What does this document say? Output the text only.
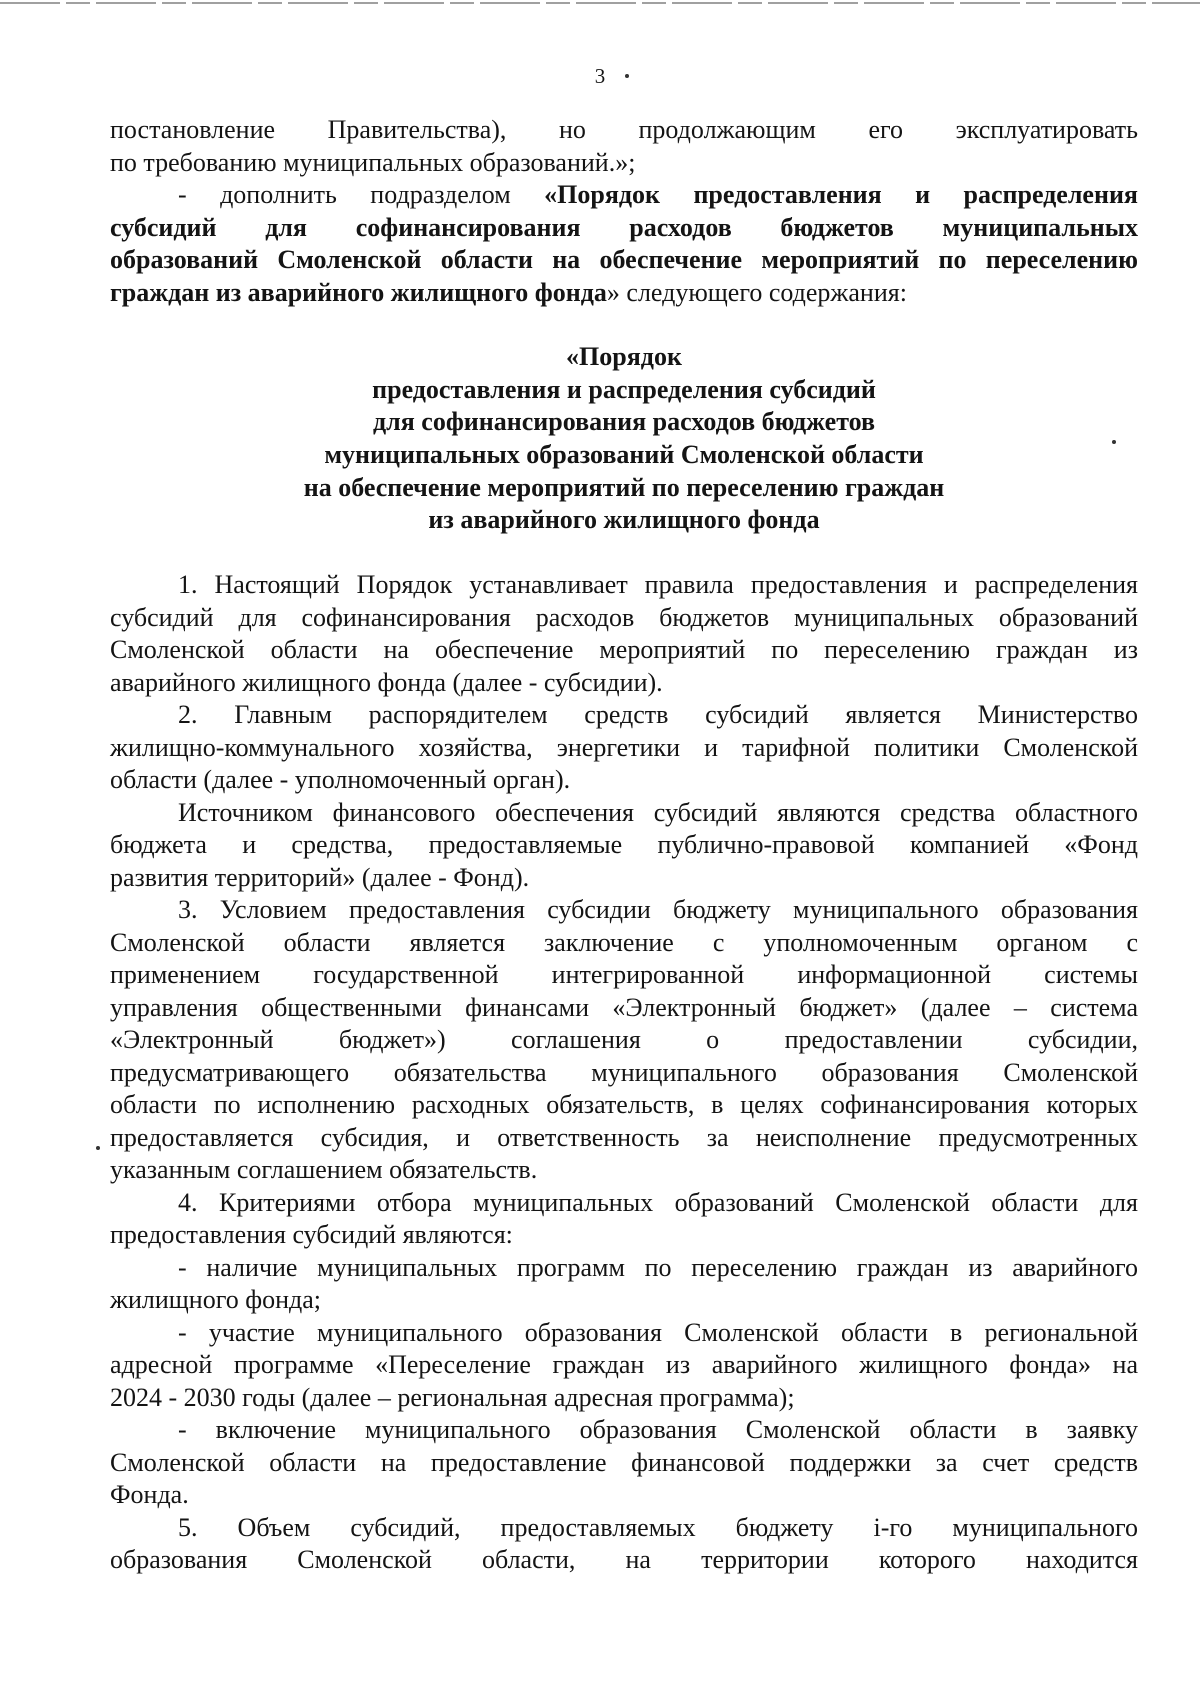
3
постановление Правительства), но продолжающим его эксплуатировать
по требованию муниципальных образований.»;
- дополнить подразделом «Порядок предоставления и распределения
субсидий для софинансирования расходов бюджетов муниципальных
образований Смоленской области на обеспечение мероприятий по переселению
граждан из аварийного жилищного фонда» следующего содержания:
«Порядок
предоставления и распределения субсидий
для софинансирования расходов бюджетов
муниципальных образований Смоленской области
на обеспечение мероприятий по переселению граждан
из аварийного жилищного фонда
1. Настоящий Порядок устанавливает правила предоставления и распределения
субсидий для софинансирования расходов бюджетов муниципальных образований
Смоленской области на обеспечение мероприятий по переселению граждан из
аварийного жилищного фонда (далее - субсидии).
2. Главным распорядителем средств субсидий является Министерство
жилищно-коммунального хозяйства, энергетики и тарифной политики Смоленской
области (далее - уполномоченный орган).
Источником финансового обеспечения субсидий являются средства областного
бюджета и средства, предоставляемые публично-правовой компанией «Фонд
развития территорий» (далее - Фонд).
3. Условием предоставления субсидии бюджету муниципального образования
Смоленской области является заключение с уполномоченным органом с
применением государственной интегрированной информационной системы
управления общественными финансами «Электронный бюджет» (далее – система
«Электронный бюджет») соглашения о предоставлении субсидии,
предусматривающего обязательства муниципального образования Смоленской
области по исполнению расходных обязательств, в целях софинансирования которых
предоставляется субсидия, и ответственность за неисполнение предусмотренных
указанным соглашением обязательств.
4. Критериями отбора муниципальных образований Смоленской области для
предоставления субсидий являются:
- наличие муниципальных программ по переселению граждан из аварийного
жилищного фонда;
- участие муниципального образования Смоленской области в региональной
адресной программе «Переселение граждан из аварийного жилищного фонда» на
2024 - 2030 годы (далее – региональная адресная программа);
- включение муниципального образования Смоленской области в заявку
Смоленской области на предоставление финансовой поддержки за счет средств
Фонда.
5. Объем субсидий, предоставляемых бюджету i-го муниципального
образования Смоленской области, на территории которого находится
